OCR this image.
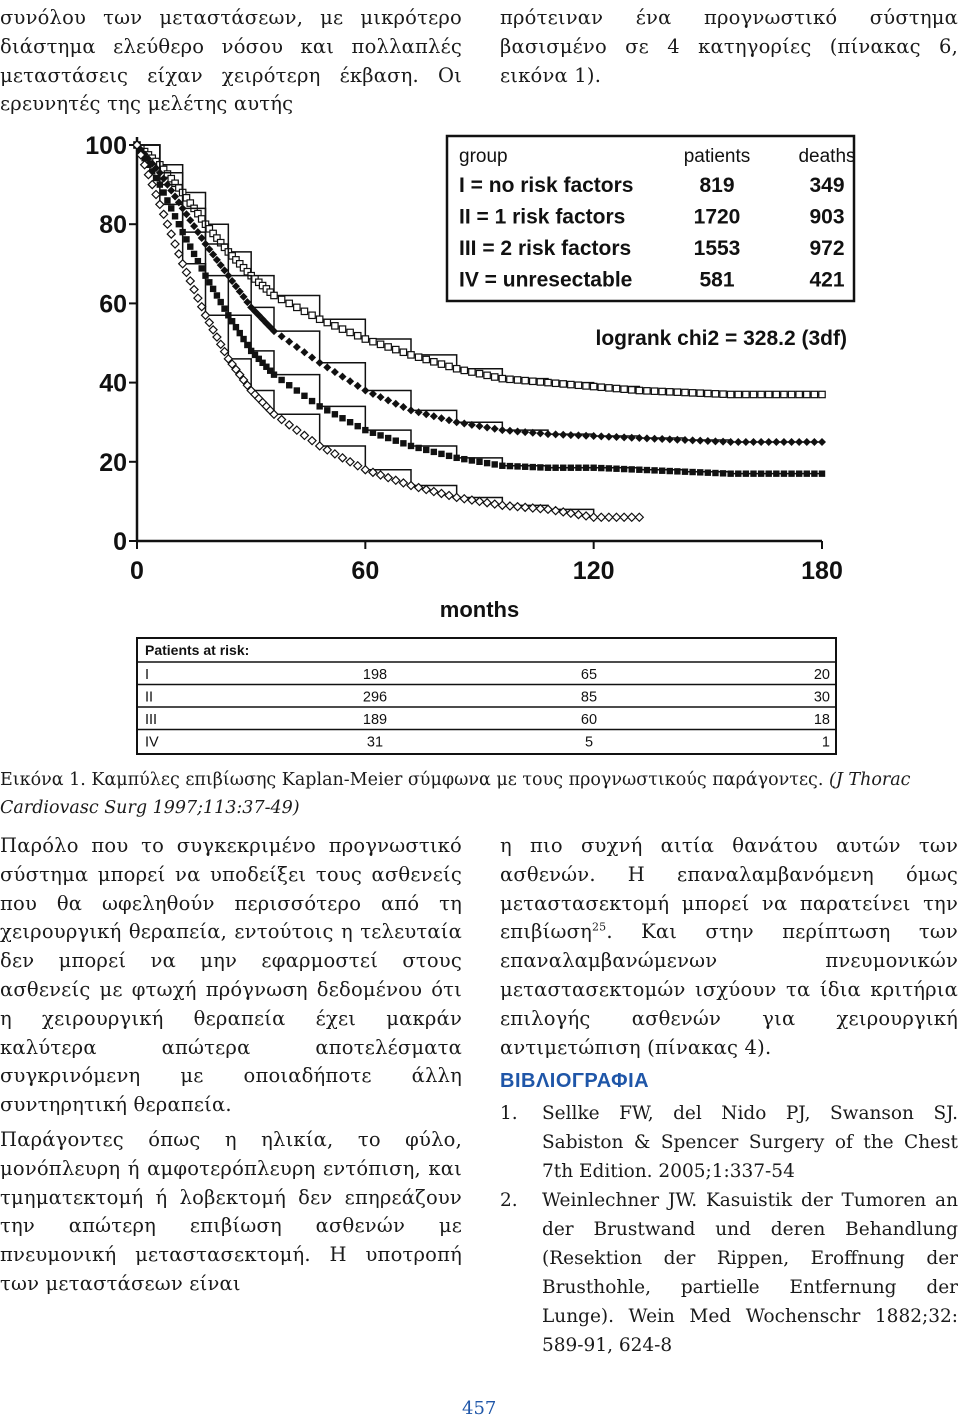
συνόλου των μεταστάσεων, με μικρότερο διάστημα ελεύθερο νόσου και πολλαπλές μεταστάσεις είχαν χειρότερη έκβαση. Οι ερευνητές της μελέτης αυτής

πρότειναν ένα προγνωστικό σύστημα βασισμένο σε 4 κατηγορίες (πίνακας 6, εικόνα 1).

0
20
40
60
80
100
0	60	120	180
months
group	patients	deaths
I = no risk factors	819	349
II = 1 risk factors	1720	903
III = 2 risk factors	1553	972
IV = unresectable	581	421
logrank chi2 = 328.2 (3df)
Patients at risk:
I	198	65	20
II	296	85	30
III	189	60	18
IV	31	5	1
Εικόνα 1. Καμπύλες επιβίωσης Kaplan-Meier σύμφωνα με τους προγνωστικούς παράγοντες. (J Thorac Cardiovasc Surg 1997;113:37-49)

Παρόλο που το συγκεκριμένο προγνωστικό σύστημα μπορεί να υποδείξει τους ασθενείς που θα ωφεληθούν περισσότερο από τη χειρουργική θεραπεία, εντούτοις η τελευταία δεν μπορεί να μην εφαρμοστεί στους ασθενείς με φτωχή πρόγνωση δεδομένου ότι η χειρουργική θεραπεία έχει μακράν καλύτερα απώτερα αποτελέσματα συγκρινόμενη με οποιαδήποτε άλλη συντηρητική θεραπεία.

Παράγοντες όπως η ηλικία, το φύλο, μονόπλευρη ή αμφοτερόπλευρη εντόπιση, και τμηματεκτομή ή λοβεκτομή δεν επηρεάζουν την απώτερη επιβίωση ασθενών με πνευμονική μεταστασεκτομή. Η υποτροπή των μεταστάσεων είναι

η πιο συχνή αιτία θανάτου αυτών των ασθενών. Η επαναλαμβανόμενη όμως μεταστασεκτομή μπορεί να παρατείνει την επιβίωση$^{25}$. Και στην περίπτωση των επαναλαμβανώμενων πνευμονικών μεταστασεκτομών ισχύουν τα ίδια κριτήρια επιλογής ασθενών για χειρουργική αντιμετώπιση (πίνακας 4).

ΒΙΒΛΙΟΓΡΑΦΙΑ
1.	Sellke FW, del Nido PJ, Swanson SJ. Sabiston & Spencer Surgery of the Chest 7th Edition. 2005;1:337-54
2.	Weinlechner JW. Kasuistik der Tumoren an der Brustwand und deren Behandlung (Resektion der Rippen, Eroffnung der Brusthohle, partielle Entfernung der Lunge). Wein Med Wochenschr 1882;32: 589-91, 624-8
457
